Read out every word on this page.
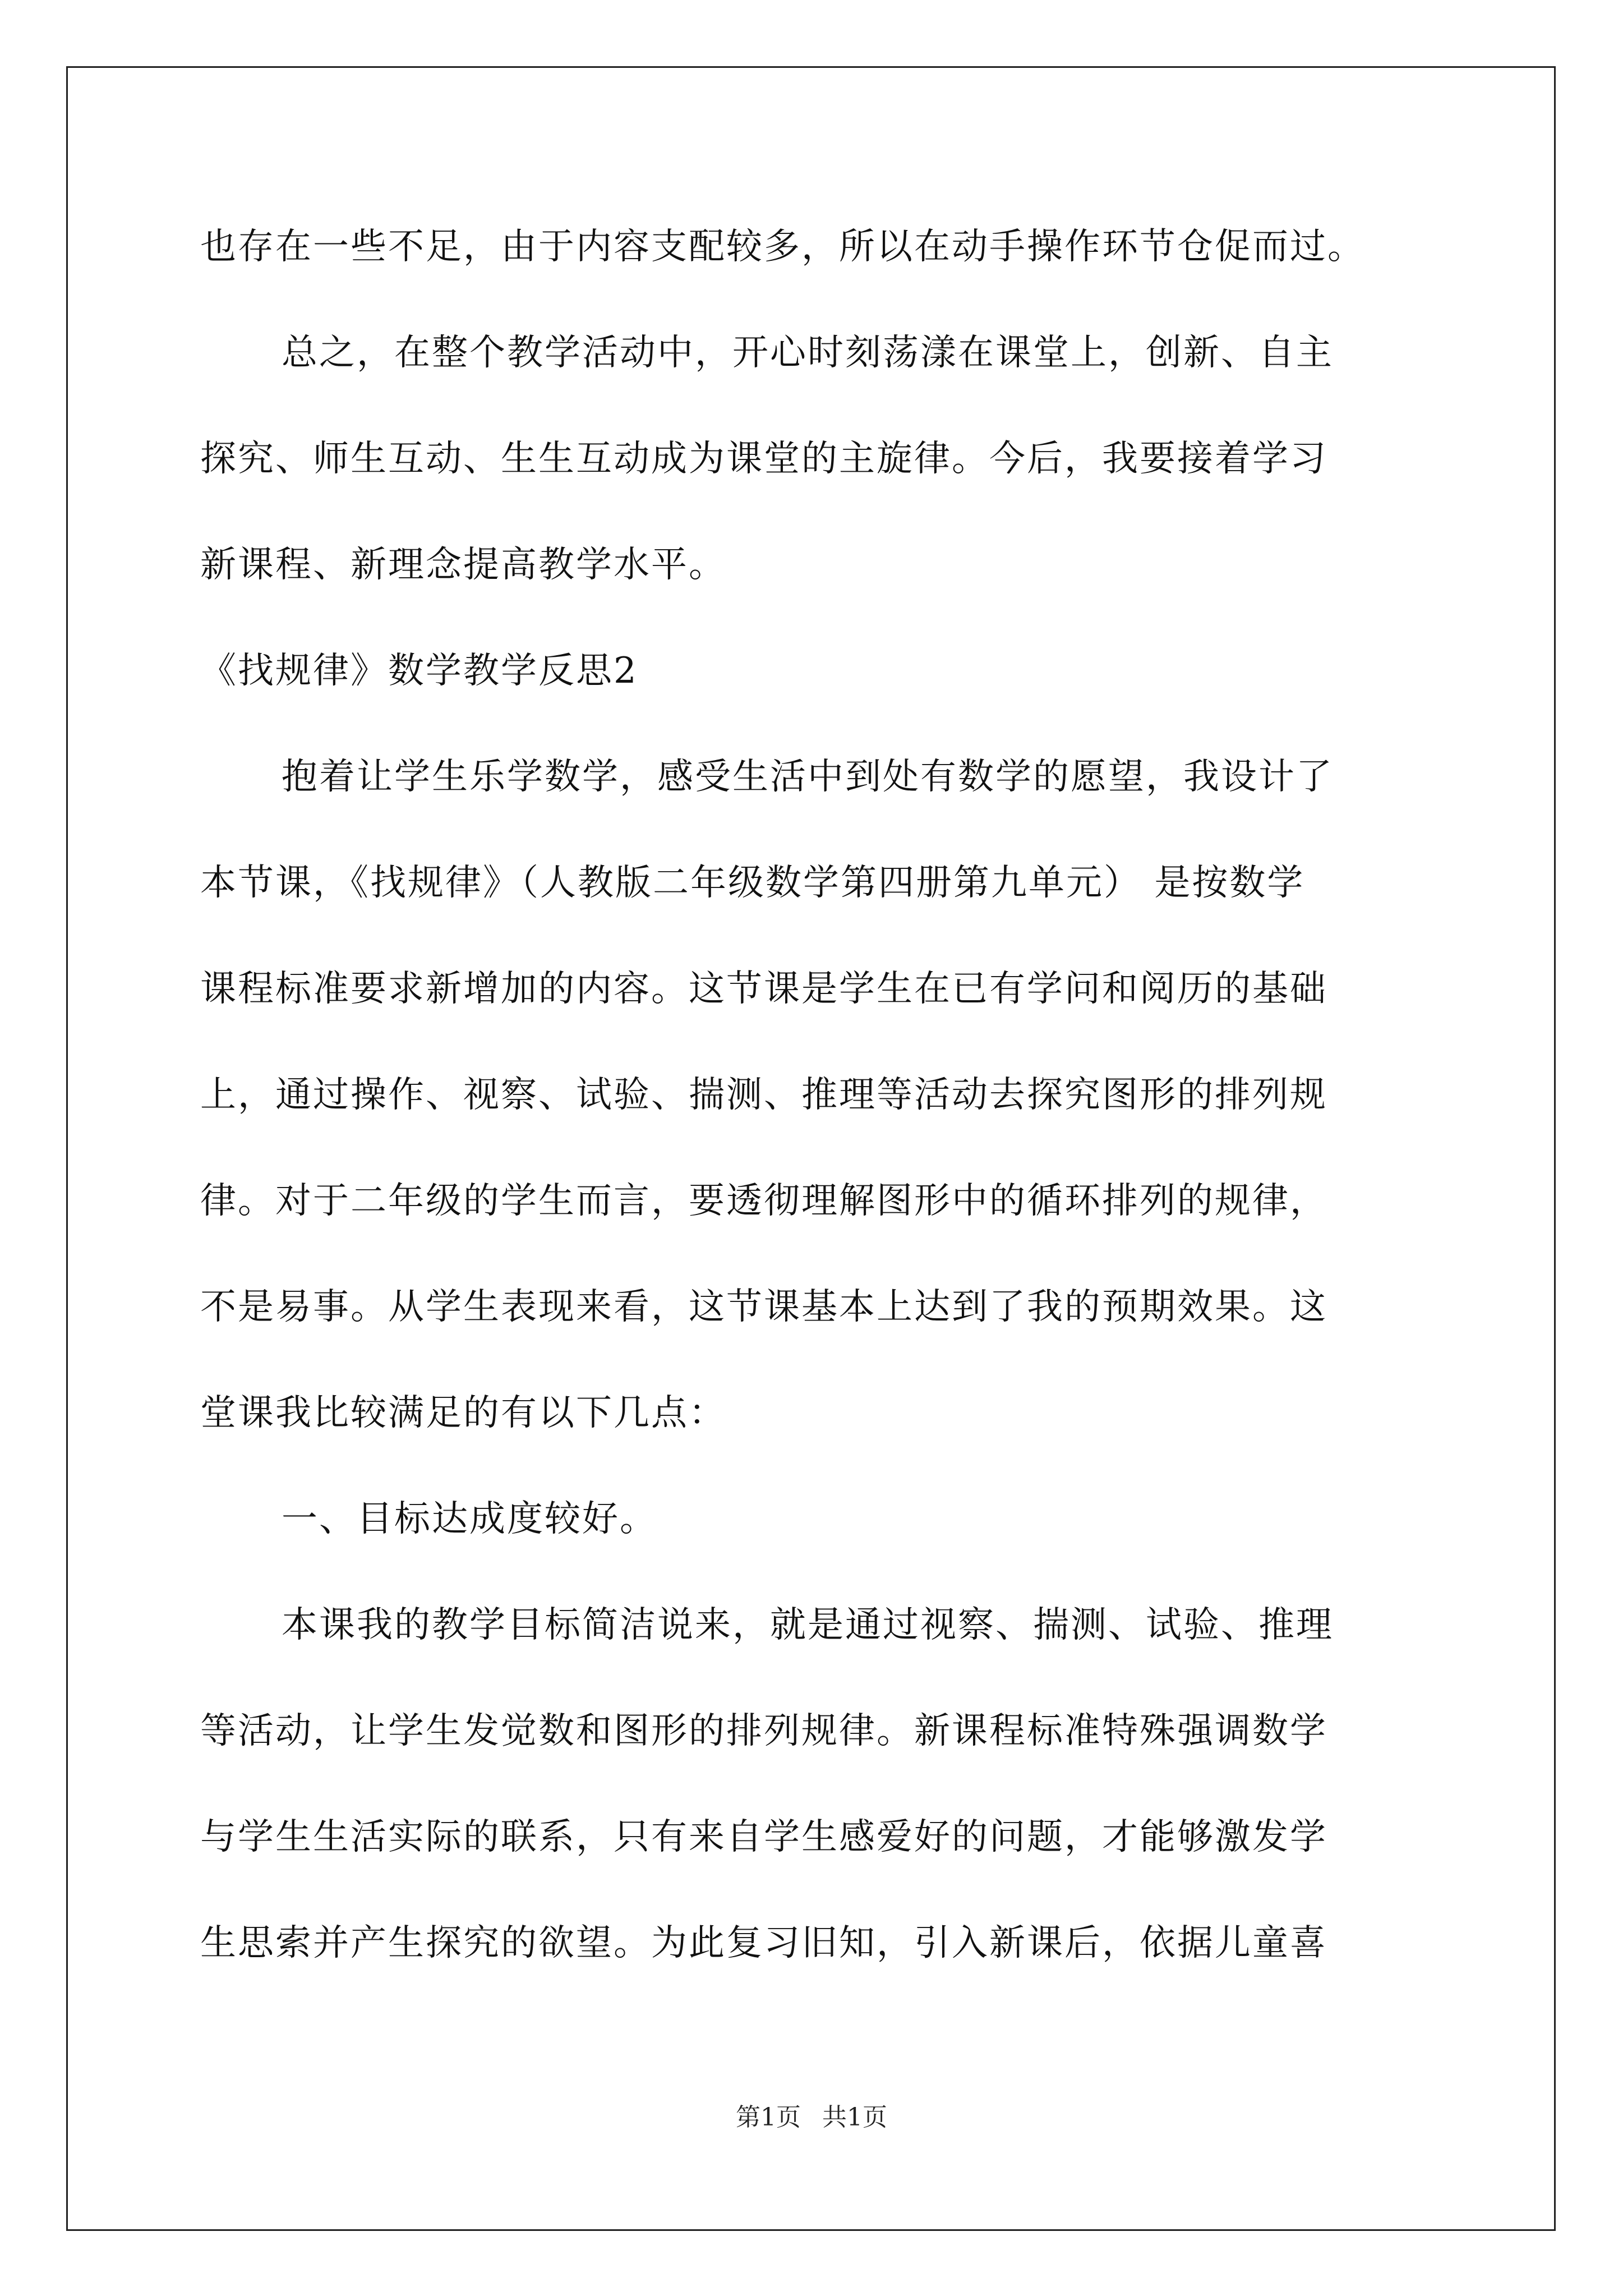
也存在一些不足，由于内容支配较多，所以在动手操作环节仓促而过。
总之，在整个教学活动中，开心时刻荡漾在课堂上，创新、自主
探究、师生互动、生生互动成为课堂的主旋律。今后，我要接着学习
新课程、新理念提高教学水平。
《找规律》数学教学反思2
抱着让学生乐学数学，感受生活中到处有数学的愿望，我设计了
本节课，《找规律》（人教版二年级数学第四册第九单元） 是按数学
课程标准要求新增加的内容。这节课是学生在已有学问和阅历的基础
上，通过操作、视察、试验、揣测、推理等活动去探究图形的排列规
律。对于二年级的学生而言，要透彻理解图形中的循环排列的规律，
不是易事。从学生表现来看，这节课基本上达到了我的预期效果。这
堂课我比较满足的有以下几点：
一、目标达成度较好。
本课我的教学目标简洁说来，就是通过视察、揣测、试验、推理
等活动，让学生发觉数和图形的排列规律。新课程标准特殊强调数学
与学生生活实际的联系，只有来自学生感爱好的问题，才能够激发学
生思索并产生探究的欲望。为此复习旧知，引入新课后，依据儿童喜
第1页 共1页
